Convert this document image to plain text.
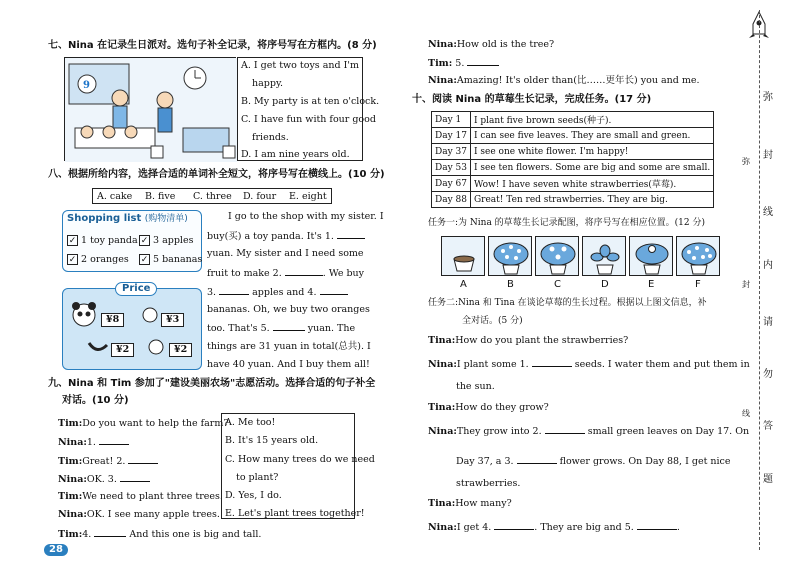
七、Nina 在记录生日派对。选句子补全记录，将序号写在方框内。(8 分)
9
A. I get two toys and I'm
happy.
B. My party is at ten o'clock.
C. I have fun with four good
friends.
D. I am nine years old.
八、根据所给内容，选择合适的单词补全短文，将序号写在横线上。(10 分)
A. cake B. five C. three D. four E. eight
Shopping list (购物清单)
✓ 1 toy panda ✓ 3 apples
✓ 2 oranges ✓ 5 bananas
Price
¥8	¥3
¥2	¥2
I go to the shop with my sister. I
buy(买) a toy panda. It's 1.
yuan. My sister and I need some
fruit to make 2.	. We buy
3.	apples and 4.
bananas. Oh, we buy two oranges
too. That's 5.	yuan. The
things are 31 yuan in total(总共). I
have 40 yuan. And I buy them all!
九、Nina 和 Tim 参加了"建设美丽农场"志愿活动。选择合适的句子补全
对话。(10 分)
Tim:Do you want to help the farm?
Nina:1.
Tim:Great! 2.
Nina:OK. 3.
Tim:We need to plant three trees.
Nina:OK. I see many apple trees.
Tim:4.	And this one is big and tall.
A. Me too!
B. It's 15 years old.
C. How many trees do we need
to plant?
D. Yes, I do.
E. Let's plant trees together!
28
Nina:How old is the tree?
Tim: 5.
Nina:Amazing! It's older than(比……更年长) you and me.
十、阅读 Nina 的草莓生长记录，完成任务。(17 分)
Day 1	I plant five brown seeds(种子).
Day 17	I can see five leaves. They are small and green.
Day 37	I see one white flower. I'm happy!
Day 53	I see ten flowers. Some are big and some are small.
Day 67	Wow! I have seven white strawberries(草莓).
Day 88	Great! Ten red strawberries. They are big.
任务一:为 Nina 的草莓生长记录配图，将序号写在相应位置。(12 分)
A	B	C	D	E	F
任务二:Nina 和 Tina 在谈论草莓的生长过程。根据以上图文信息，补
全对话。(5 分)
Tina:How do you plant the strawberries?
Nina:I plant some 1.	seeds. I water them and put them in
the sun.
Tina:How do they grow?
Nina:They grow into 2.	small green leaves on Day 17. On
Day 37, a 3.	flower grows. On Day 88, I get nice
strawberries.
Tina:How many?
Nina:I get 4.	. They are big and 5.	.
弥
封
线
内
请
勿
答
题
弥
封
线
